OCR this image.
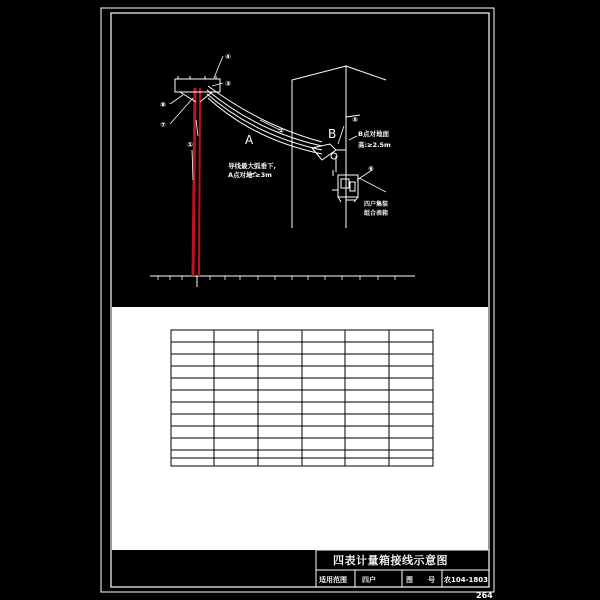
④
③
⑧
⑦
①
②
⑤
⑥
A	B
导线最大弧垂下,
A点对地:≥3m
B点对地面
高:≥2.5m
四户集装
组合表箱
四表计量箱接线示意图
适用范围 四户	图 号 农104-1803
264
